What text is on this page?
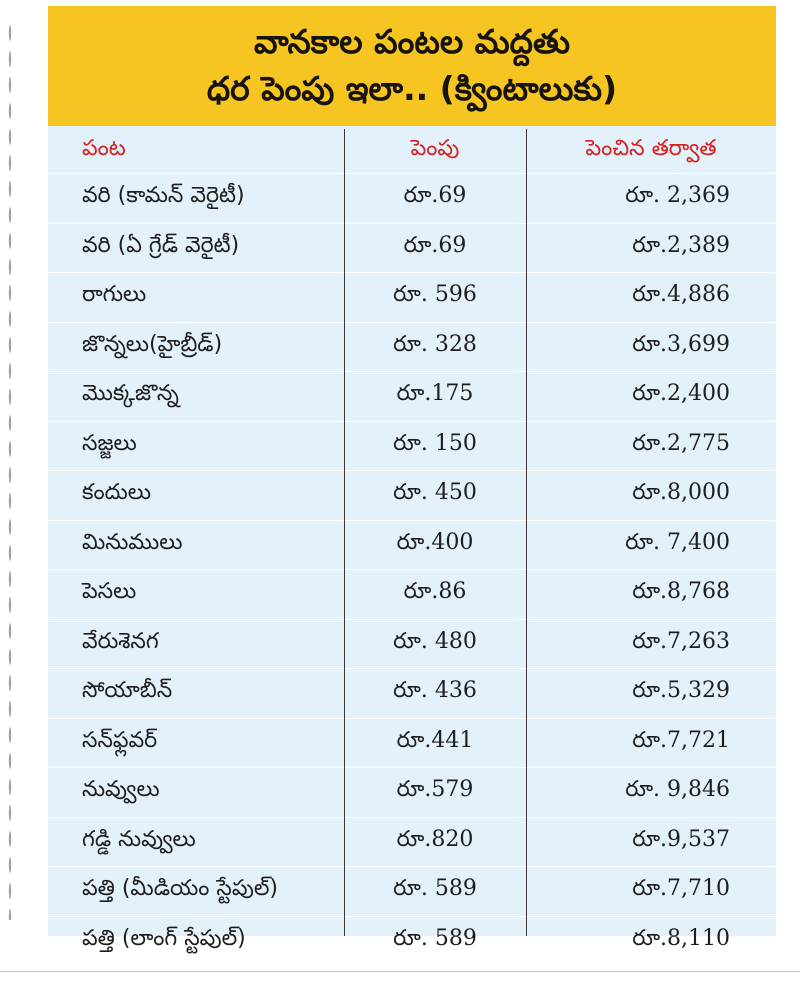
వానకాల పంటల మద్దతు
ధర పెంపు ఇలా.. (క్వింటాలుకు)
పంట	పెంపు	పెంచిన తర్వాత
వరి (కామన్ వెరైటీ)	రూ.69	రూ. 2,369
వరి (ఏ గ్రేడ్ వెరైటీ)	రూ.69	రూ.2,389
రాగులు	రూ. 596	రూ.4,886
జొన్నలు(హైబ్రీడ్)	రూ. 328	రూ.3,699
మొక్కజొన్న	రూ.175	రూ.2,400
సజ్జలు	రూ. 150	రూ.2,775
కందులు	రూ. 450	రూ.8,000
మినుములు	రూ.400	రూ. 7,400
పెసలు	రూ.86	రూ.8,768
వేరుశెనగ	రూ. 480	రూ.7,263
సోయాబీన్	రూ. 436	రూ.5,329
సన్‌ఫ్లవర్	రూ.441	రూ.7,721
నువ్వులు	రూ.579	రూ. 9,846
గడ్డి నువ్వులు	రూ.820	రూ.9,537
పత్తి (మీడియం స్టేపుల్)	రూ. 589	రూ.7,710
పత్తి (లాంగ్ స్టేపుల్)	రూ. 589	రూ.8,110
